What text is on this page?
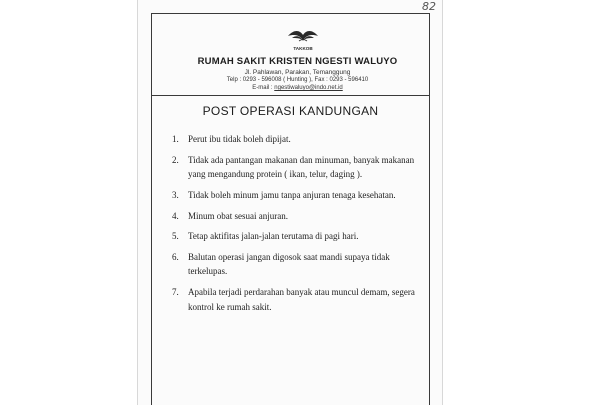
82
TAKKOB
RUMAH SAKIT KRISTEN NGESTI WALUYO
Jl. Pahlawan, Parakan, Temanggung
Telp : 0293 - 596008 ( Hunting ), Fax : 0293 - 596410
E-mail : ngestiwaluyo@indo.net.id
POST OPERASI KANDUNGAN
1. Perut ibu tidak boleh dipijat.
2. Tidak ada pantangan makanan dan minuman, banyak makanan yang mengandung protein ( ikan, telur, daging ).
3. Tidak boleh minum jamu tanpa anjuran tenaga kesehatan.
4. Minum obat sesuai anjuran.
5. Tetap aktifitas jalan-jalan terutama di pagi hari.
6. Balutan operasi jangan digosok saat mandi supaya tidak terkelupas.
7. Apabila terjadi perdarahan banyak atau muncul demam, segera kontrol ke rumah sakit.
